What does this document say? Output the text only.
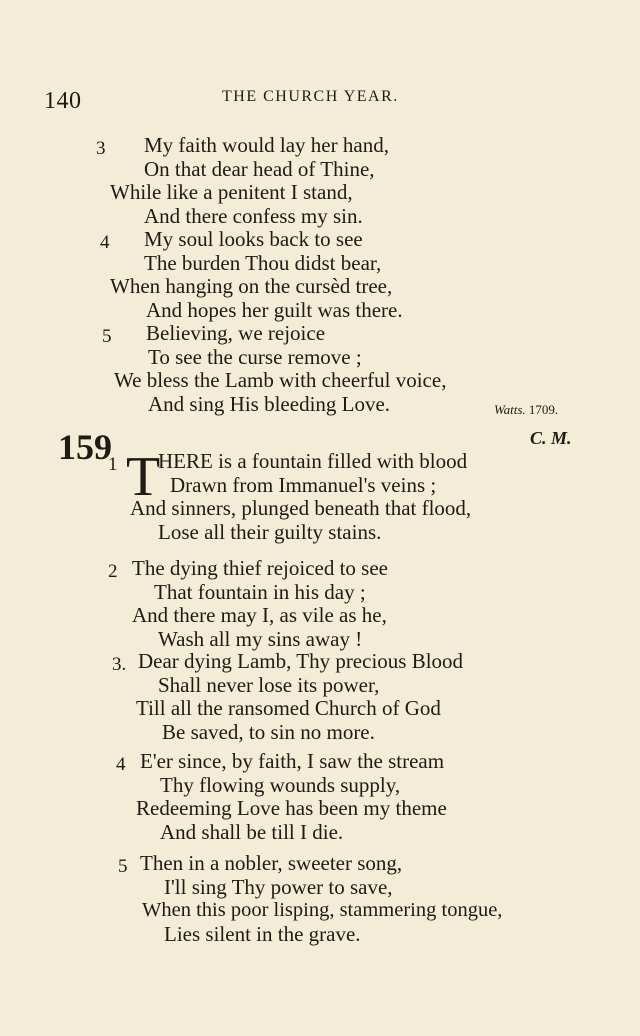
140	THE CHURCH YEAR.
3 My faith would lay her hand,
On that dear head of Thine,
While like a penitent I stand,
And there confess my sin.
4 My soul looks back to see
The burden Thou didst bear,
When hanging on the cursèd tree,
And hopes her guilt was there.
5 Believing, we rejoice
To see the curse remove ;
We bless the Lamb with cheerful voice,
And sing His bleeding Love.	Watts. 1709.
159	C. M.
T
1 HERE is a fountain filled with blood
Drawn from Immanuel's veins ;
And sinners, plunged beneath that flood,
Lose all their guilty stains.
2 The dying thief rejoiced to see
That fountain in his day ;
And there may I, as vile as he,
Wash all my sins away !
3. Dear dying Lamb, Thy precious Blood
Shall never lose its power,
Till all the ransomed Church of God
Be saved, to sin no more.
4 E'er since, by faith, I saw the stream
Thy flowing wounds supply,
Redeeming Love has been my theme
And shall be till I die.
5 Then in a nobler, sweeter song,
I'll sing Thy power to save,
When this poor lisping, stammering tongue,
Lies silent in the grave.
